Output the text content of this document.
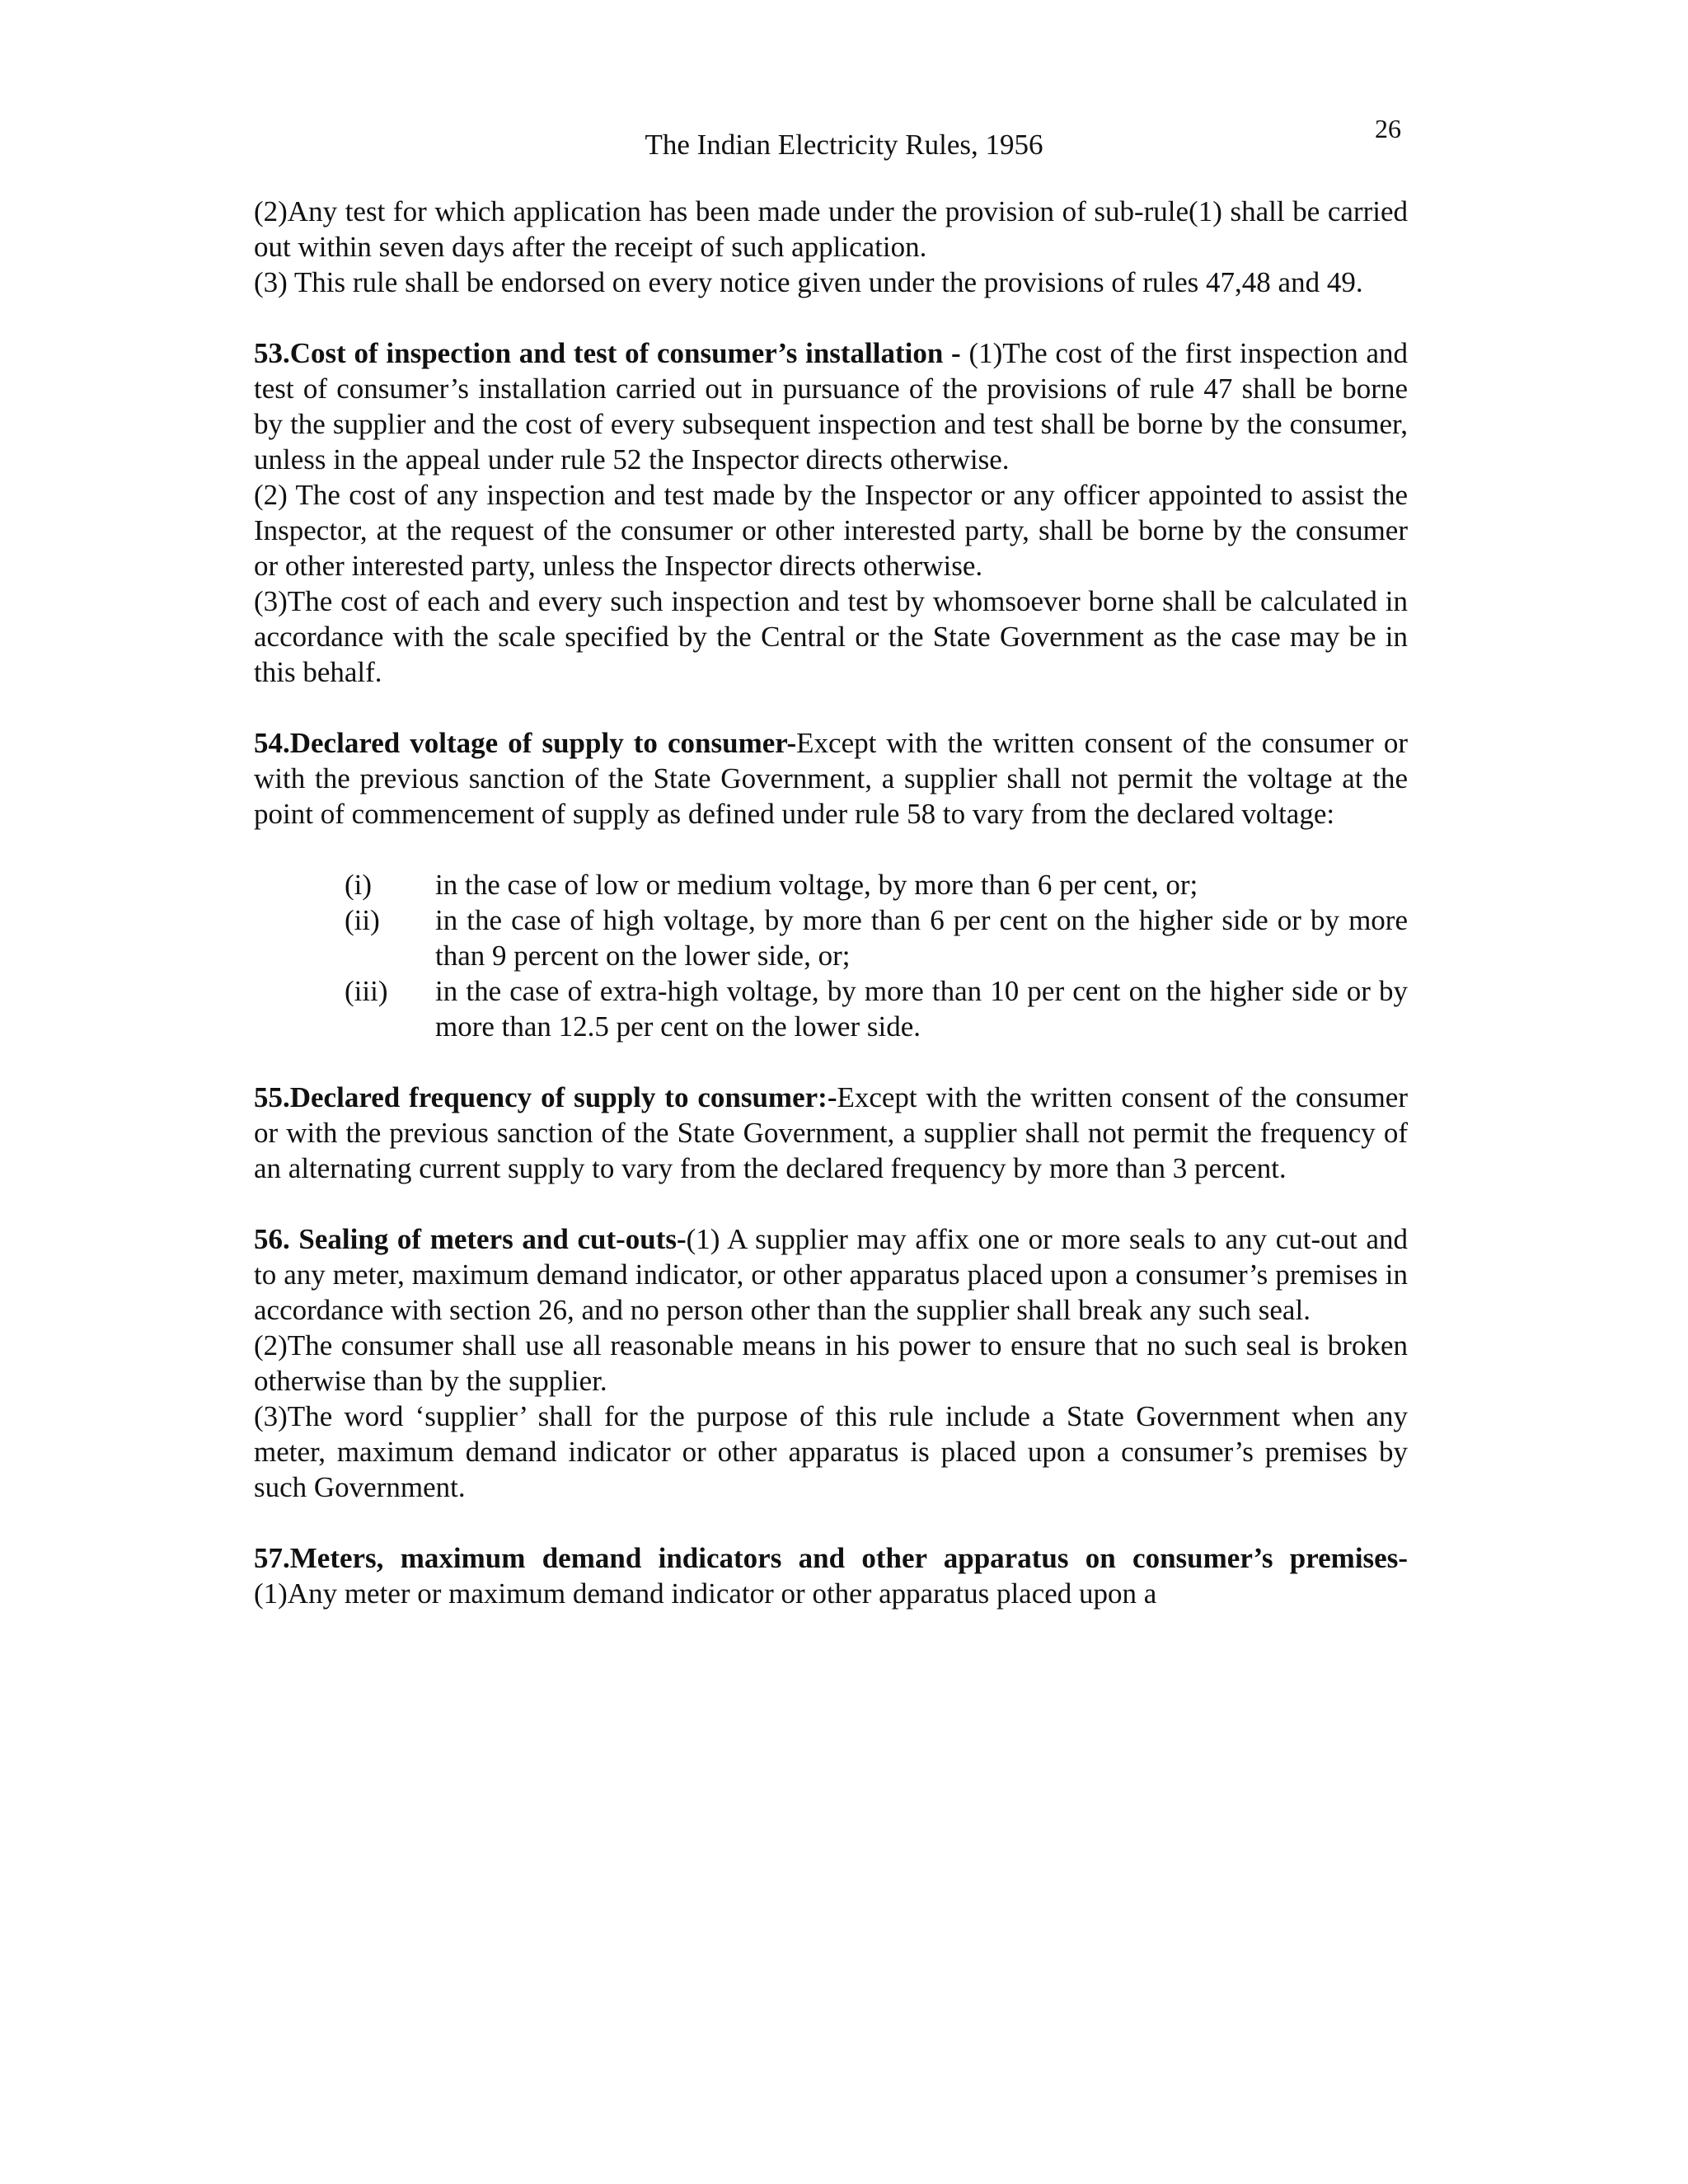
26
The Indian Electricity Rules, 1956

(2)Any test for which application has been made under the provision of sub-rule(1) shall be carried out within seven days after the receipt of such application.

(3) This rule shall be endorsed on every notice given under the provisions of rules 47,48 and 49.

53.Cost of inspection and test of consumer’s installation - (1)The cost of the first inspection and test of consumer’s installation carried out in pursuance of the provisions of rule 47 shall be borne by the supplier and the cost of every subsequent inspection and test shall be borne by the consumer, unless in the appeal under rule 52 the Inspector directs otherwise.

(2) The cost of any inspection and test made by the Inspector or any officer appointed to assist the Inspector, at the request of the consumer or other interested party, shall be borne by the consumer or other interested party, unless the Inspector directs otherwise.

(3)The cost of each and every such inspection and test by whomsoever borne shall be calculated in accordance with the scale specified by the Central or the State Government as the case may be in this behalf.

54.Declared voltage of supply to consumer-Except with the written consent of the consumer or with the previous sanction of the State Government, a supplier shall not permit the voltage at the point of commencement of supply as defined under rule 58 to vary from the declared voltage:

(i)	in the case of low or medium voltage, by more than 6 per cent, or;
(ii)	in the case of high voltage, by more than 6 per cent on the higher side or by more than 9 percent on the lower side, or;
(iii)	in the case of extra-high voltage, by more than 10 per cent on the higher side or by more than 12.5 per cent on the lower side.

55.Declared frequency of supply to consumer:-Except with the written consent of the consumer or with the previous sanction of the State Government, a supplier shall not permit the frequency of an alternating current supply to vary from the declared frequency by more than 3 percent.

56. Sealing of meters and cut-outs-(1) A supplier may affix one or more seals to any cut-out and to any meter, maximum demand indicator, or other apparatus placed upon a consumer’s premises in accordance with section 26, and no person other than the supplier shall break any such seal.

(2)The consumer shall use all reasonable means in his power to ensure that no such seal is broken otherwise than by the supplier.

(3)The word ‘supplier’ shall for the purpose of this rule include a State Government when any meter, maximum demand indicator or other apparatus is placed upon a consumer’s premises by such Government.

57.Meters, maximum demand indicators and other apparatus on consumer’s premises-

(1)Any meter or maximum demand indicator or other apparatus placed upon a
